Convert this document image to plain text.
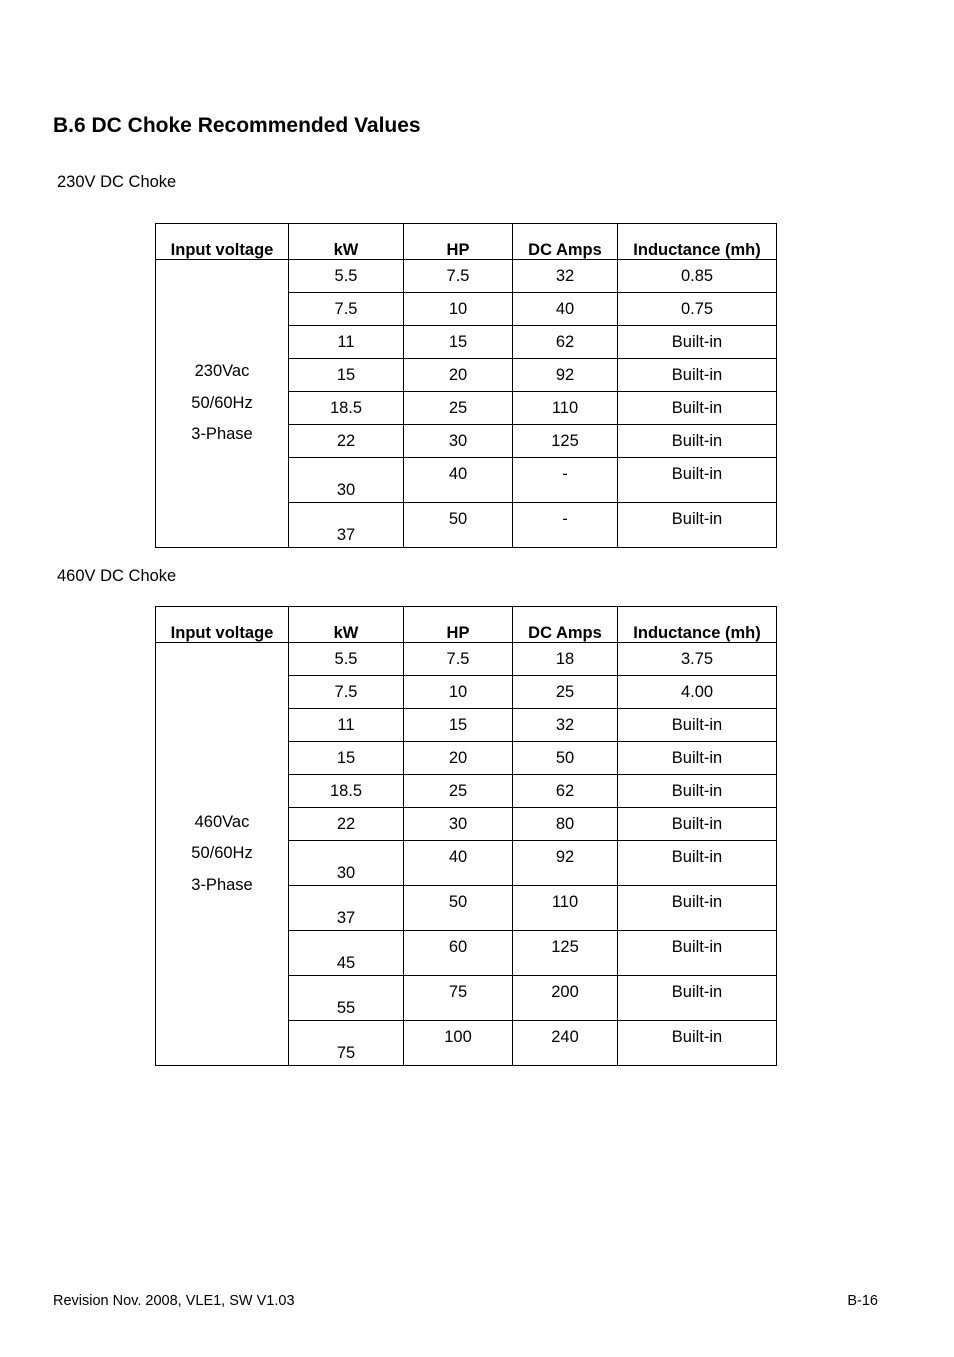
B.6 DC Choke Recommended Values
230V DC Choke
Input voltage	kW	HP	DC Amps	Inductance (mh)

230Vac
50/60Hz
3-Phase	5.5	7.5	32	0.85
	7.5	10	40	0.75
	11	15	62	Built-in
	15	20	92	Built-in
	18.5	25	110	Built-in
	22	30	125	Built-in
	30	40	-	Built-in
	37	50	-	Built-in
460V DC Choke
Input voltage	kW	HP	DC Amps	Inductance (mh)

460Vac
50/60Hz
3-Phase	5.5	7.5	18	3.75
	7.5	10	25	4.00
	11	15	32	Built-in
	15	20	50	Built-in
	18.5	25	62	Built-in
	22	30	80	Built-in
	30	40	92	Built-in
	37	50	110	Built-in
	45	60	125	Built-in
	55	75	200	Built-in
	75	100	240	Built-in
Revision Nov. 2008, VLE1, SW V1.03	B-16
